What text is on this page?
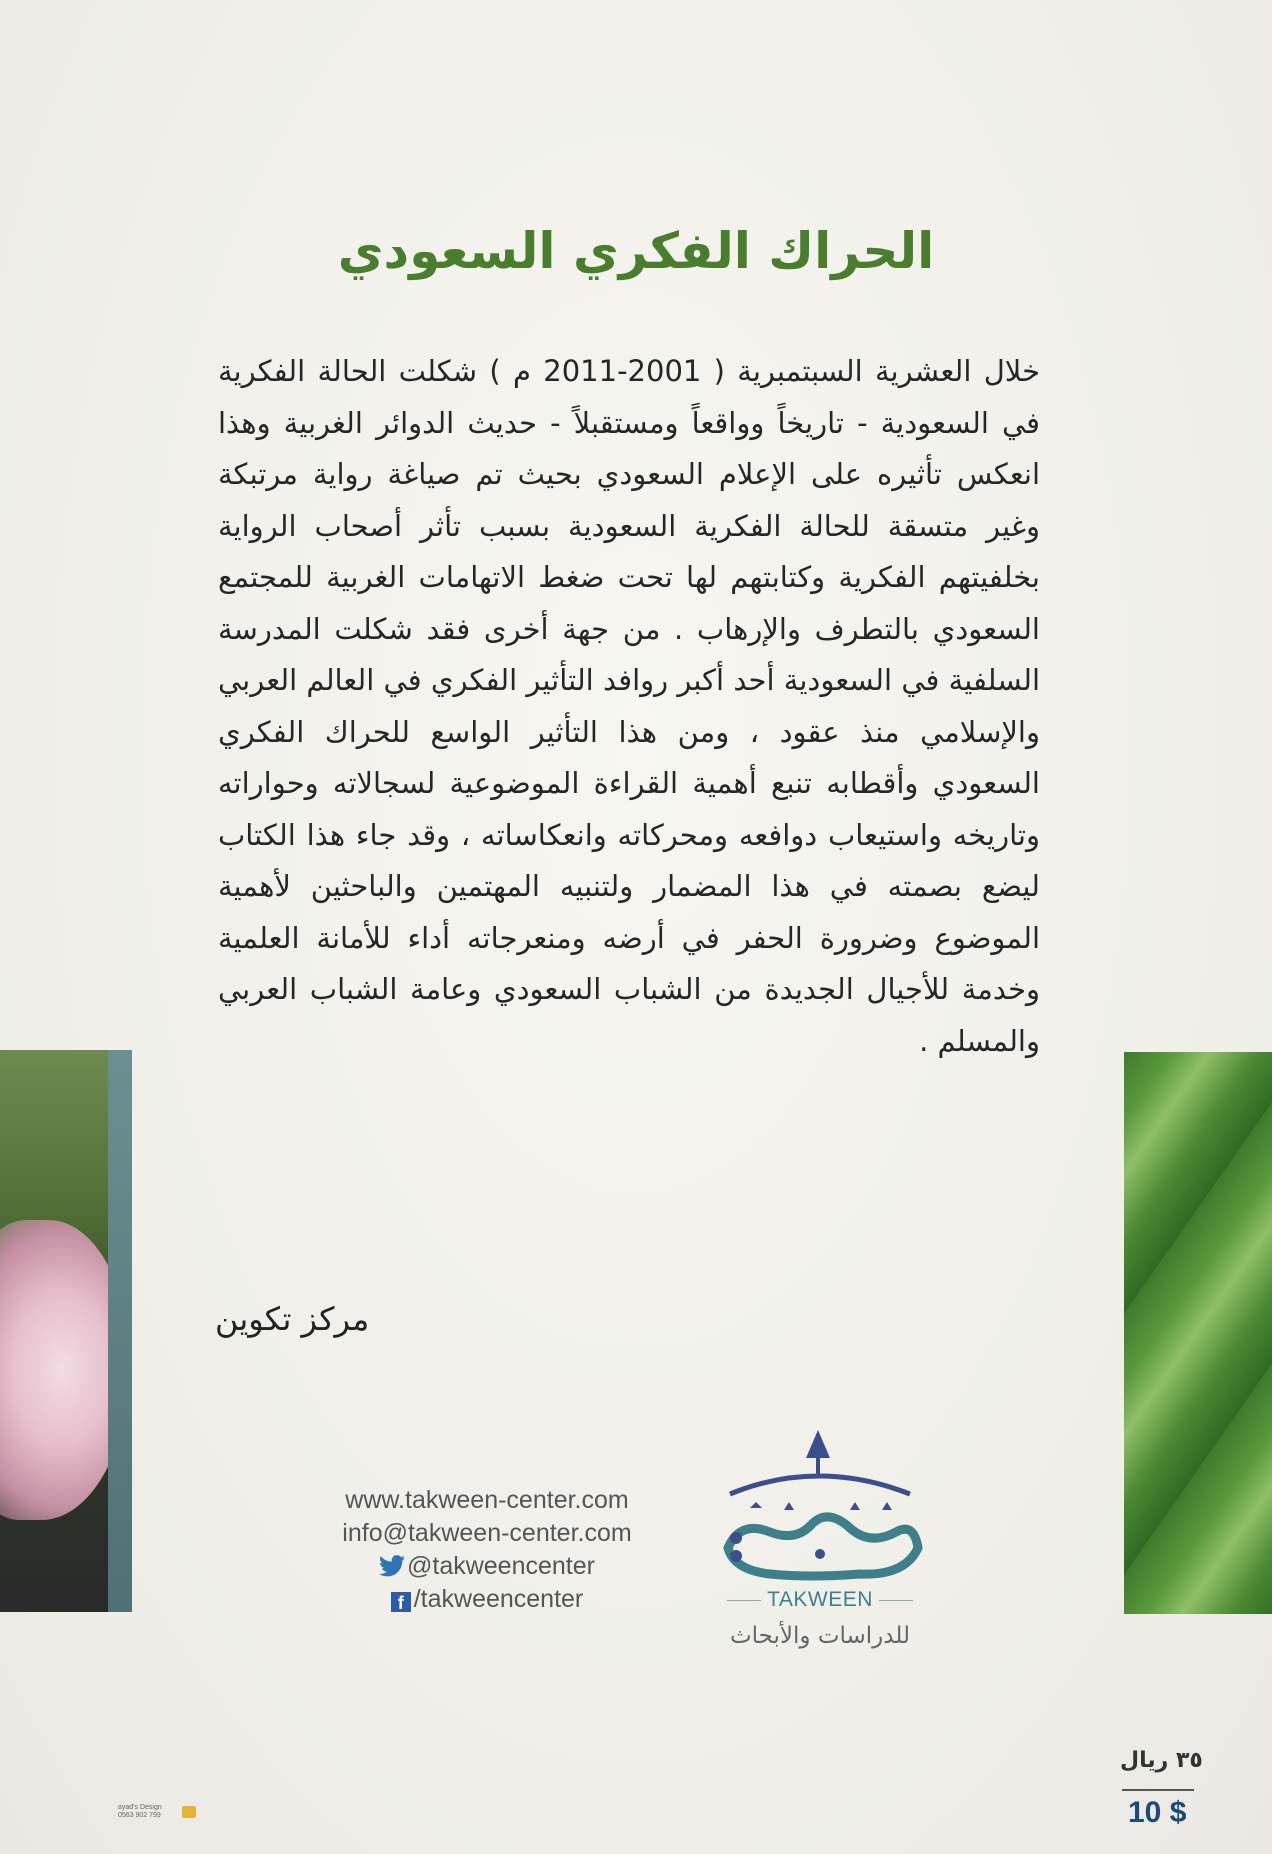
الحراك الفكري السعودي

خلال العشرية السبتمبرية ( 2001-2011 م ) شكلت الحالة الفكرية في السعودية - تاريخاً وواقعاً ومستقبلاً - حديث الدوائر الغربية وهذا انعكس تأثيره على الإعلام السعودي بحيث تم صياغة رواية مرتبكة وغير متسقة للحالة الفكرية السعودية بسبب تأثر أصحاب الرواية بخلفيتهم الفكرية وكتابتهم لها تحت ضغط الاتهامات الغربية للمجتمع السعودي بالتطرف والإرهاب . من جهة أخرى فقد شكلت المدرسة السلفية في السعودية أحد أكبر روافد التأثير الفكري في العالم العربي والإسلامي منذ عقود ، ومن هذا التأثير الواسع للحراك الفكري السعودي وأقطابه تنبع أهمية القراءة الموضوعية لسجالاته وحواراته وتاريخه واستيعاب دوافعه ومحركاته وانعكاساته ، وقد جاء هذا الكتاب ليضع بصمته في هذا المضمار ولتنبيه المهتمين والباحثين لأهمية الموضوع وضرورة الحفر في أرضه ومنعرجاته أداء للأمانة العلمية وخدمة للأجيال الجديدة من الشباب السعودي وعامة الشباب العربي والمسلم .

مركز تكوين
www.takween-center.com
info@takween-center.com
@takweencenter
f /takweencenter	TAKWEEN
للدراسات والأبحاث
٣٥ ريال
10 $
ayad's Design
0563 902 799
